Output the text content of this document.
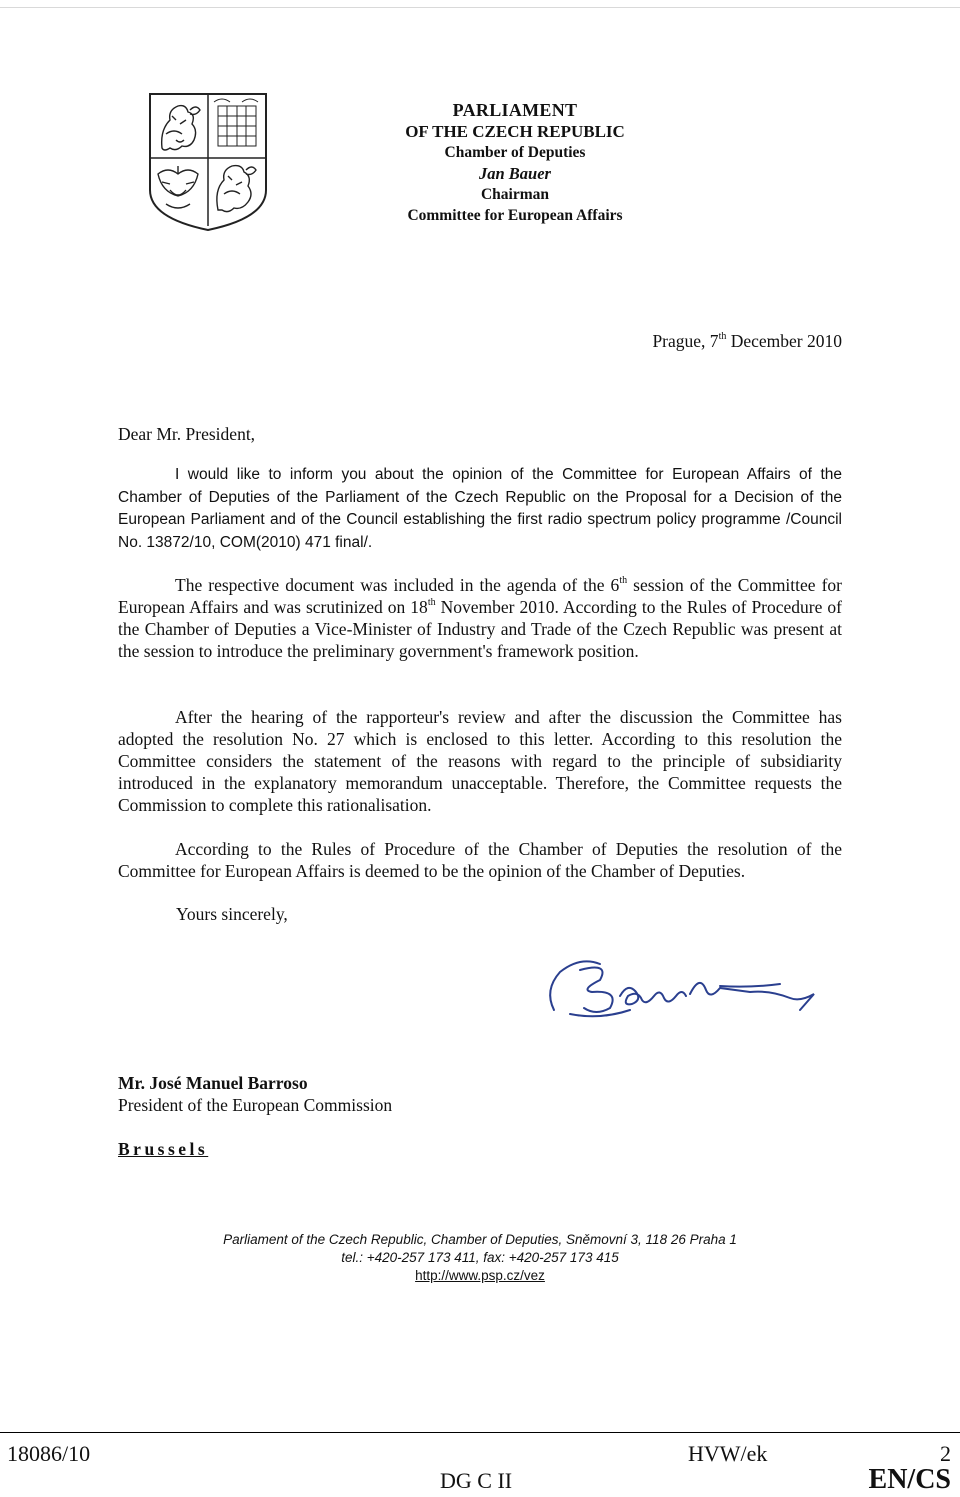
PARLIAMENT
OF THE CZECH REPUBLIC
Chamber of Deputies
Jan Bauer
Chairman
Committee for European Affairs
Prague, 7th December 2010
Dear Mr. President,

I would like to inform you about the opinion of the Committee for European Affairs of the Chamber of Deputies of the Parliament of the Czech Republic on the Proposal for a Decision of the European Parliament and of the Council establishing the first radio spectrum policy programme /Council No. 13872/10, COM(2010) 471 final/.

The respective document was included in the agenda of the 6th session of the Committee for European Affairs and was scrutinized on 18th November 2010. According to the Rules of Procedure of the Chamber of Deputies a Vice-Minister of Industry and Trade of the Czech Republic was present at the session to introduce the preliminary government's framework position.

After the hearing of the rapporteur's review and after the discussion the Committee has adopted the resolution No. 27 which is enclosed to this letter. According to this resolution the Committee considers the statement of the reasons with regard to the principle of subsidiarity introduced in the explanatory memorandum unacceptable. Therefore, the Committee requests the Commission to complete this rationalisation.

According to the Rules of Procedure of the Chamber of Deputies the resolution of the Committee for European Affairs is deemed to be the opinion of the Chamber of Deputies.

Yours sincerely,
Mr. José Manuel Barroso
President of the European Commission
Brussels
Parliament of the Czech Republic, Chamber of Deputies, Sněmovní 3, 118 26 Praha 1
tel.: +420-257 173 411, fax: +420-257 173 415
http://www.psp.cz/vez
18086/10
DG C II
HVW/ek	2
EN/CS
